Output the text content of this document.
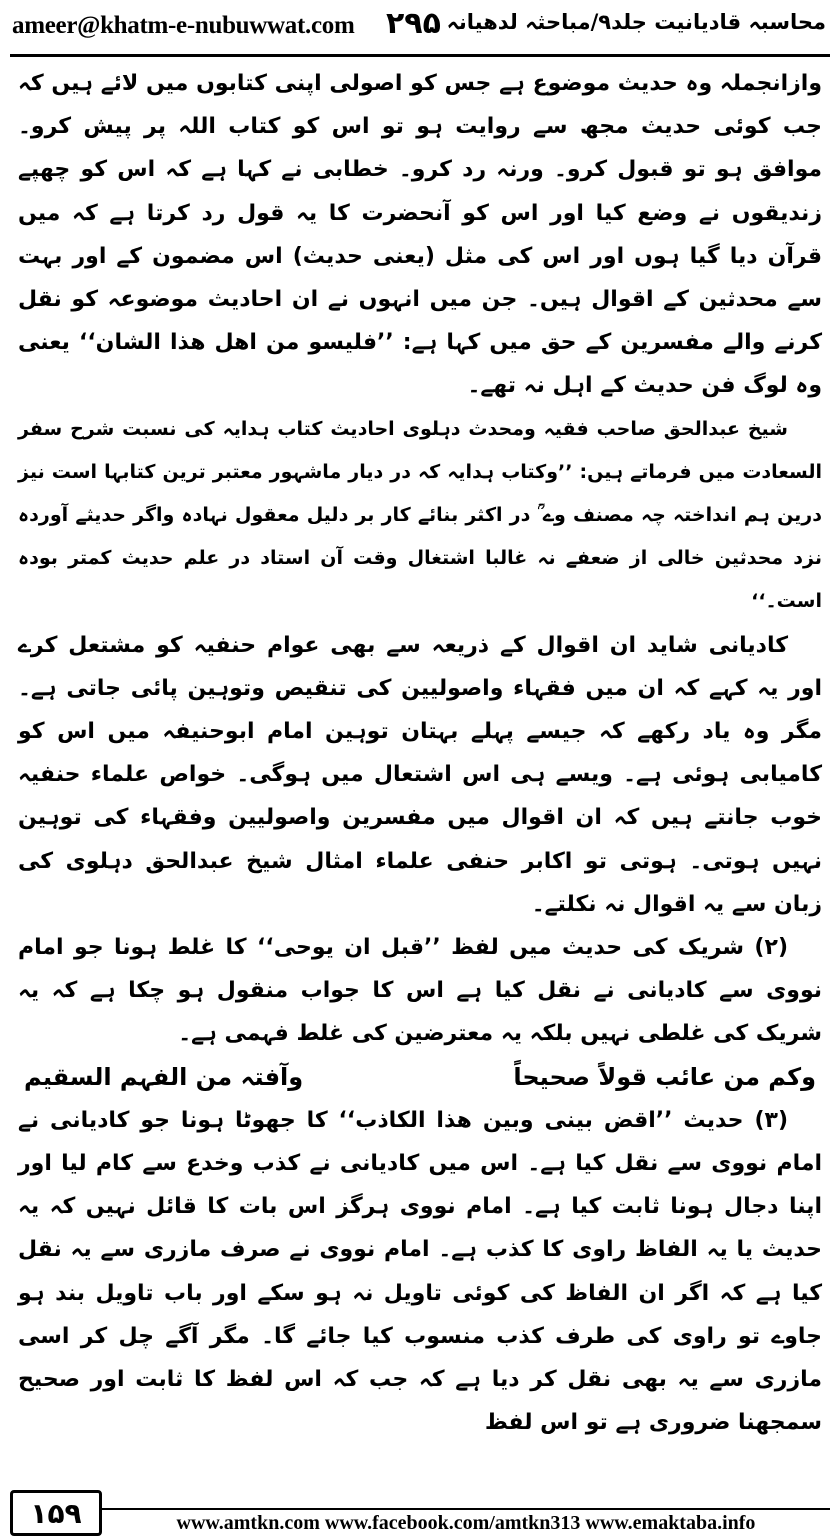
ameer@khatm-e-nubuwwat.com ۲۹۵ محاسبہ قادیانیت جلد۹/مباحثہ لدھیانہ

وازانجملہ وہ حدیث موضوع ہے جس کو اصولی اپنی کتابوں میں لائے ہیں کہ جب کوئی حدیث مجھ سے روایت ہو تو اس کو کتاب اللہ پر پیش کرو۔ موافق ہو تو قبول کرو۔ ورنہ رد کرو۔ خطابی نے کہا ہے کہ اس کو چھپے زندیقوں نے وضع کیا اور اس کو آنحضرت کا یہ قول رد کرتا ہے کہ میں قرآن دیا گیا ہوں اور اس کی مثل (یعنی حدیث) اس مضمون کے اور بہت سے محدثین کے اقوال ہیں۔ جن میں انہوں نے ان احادیث موضوعہ کو نقل کرنے والے مفسرین کے حق میں کہا ہے: ’’فلیسو من اھل ھذا الشان‘‘ یعنی وہ لوگ فن حدیث کے اہل نہ تھے۔

شیخ عبدالحق صاحب فقیہ ومحدث دہلوی احادیث کتاب ہدایہ کی نسبت شرح سفر السعادت میں فرماتے ہیں: ’’وکتاب ہدایہ کہ در دیار ماشہور معتبر ترین کتابہا است نیز درین ہم انداختہ چہ مصنف وے ؒ در اکثر بنائے کار بر دلیل معقول نہادہ واگر حدیثے آوردہ نزد محدثین خالی از ضعفے نہ غالبا اشتغال وقت آن استاد در علم حدیث کمتر بودہ است۔‘‘

کادیانی شاید ان اقوال کے ذریعہ سے بھی عوام حنفیہ کو مشتعل کرے اور یہ کہے کہ ان میں فقہاء واصولیین کی تنقیص وتوہین پائی جاتی ہے۔ مگر وہ یاد رکھے کہ جیسے پہلے بہتان توہین امام ابوحنیفہ میں اس کو کامیابی ہوئی ہے۔ ویسے ہی اس اشتعال میں ہوگی۔ خواص علماء حنفیہ خوب جانتے ہیں کہ ان اقوال میں مفسرین واصولیین وفقہاء کی توہین نہیں ہوتی۔ ہوتی تو اکابر حنفی علماء امثال شیخ عبدالحق دہلوی کی زبان سے یہ اقوال نہ نکلتے۔

(۲) شریک کی حدیث میں لفظ ’’قبل ان یوحی‘‘ کا غلط ہونا جو امام نووی سے کادیانی نے نقل کیا ہے اس کا جواب منقول ہو چکا ہے کہ یہ شریک کی غلطی نہیں بلکہ یہ معترضین کی غلط فہمی ہے۔

وکم من عائب قولاً صحیحاً
وآفتہ من الفہم السقیم

(۳) حدیث ’’اقض بینی وبین ھذا الکاذب‘‘ کا جھوٹا ہونا جو کادیانی نے امام نووی سے نقل کیا ہے۔ اس میں کادیانی نے کذب وخدع سے کام لیا اور اپنا دجال ہونا ثابت کیا ہے۔ امام نووی ہرگز اس بات کا قائل نہیں کہ یہ حدیث یا یہ الفاظ راوی کا کذب ہے۔ امام نووی نے صرف مازری سے یہ نقل کیا ہے کہ اگر ان الفاظ کی کوئی تاویل نہ ہو سکے اور باب تاویل بند ہو جاوے تو راوی کی طرف کذب منسوب کیا جائے گا۔ مگر آگے چل کر اسی مازری سے یہ بھی نقل کر دیا ہے کہ جب کہ اس لفظ کا ثابت اور صحیح سمجھنا ضروری ہے تو اس لفظ

۱۵۹	www.amtkn.com www.facebook.com/amtkn313 www.emaktaba.info
